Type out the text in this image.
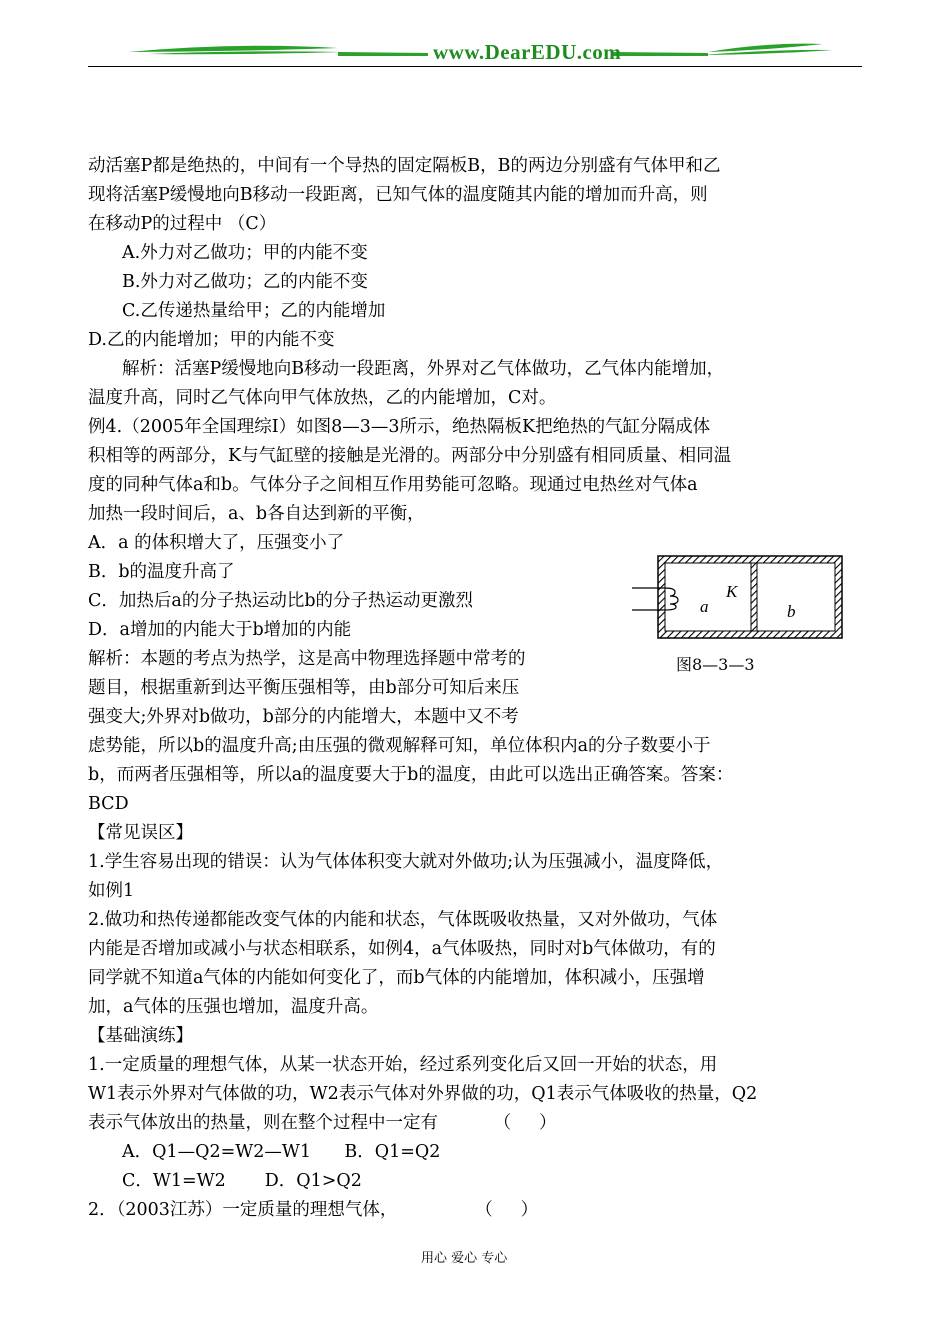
www.DearEDU.com
动活塞P都是绝热的，中间有一个导热的固定隔板B，B的两边分别盛有气体甲和乙
现将活塞P缓慢地向B移动一段距离，已知气体的温度随其内能的增加而升高，则
在移动P的过程中 （C）
A.外力对乙做功；甲的内能不变
B.外力对乙做功；乙的内能不变
C.乙传递热量给甲；乙的内能增加
D.乙的内能增加；甲的内能不变
解析：活塞P缓慢地向B移动一段距离，外界对乙气体做功，乙气体内能增加，
温度升高，同时乙气体向甲气体放热，乙的内能增加，C对。
例4.（2005年全国理综Ⅰ）如图8—3—3所示，绝热隔板K把绝热的气缸分隔成体
积相等的两部分，K与气缸壁的接触是光滑的。两部分中分别盛有相同质量、相同温
度的同种气体a和b。气体分子之间相互作用势能可忽略。现通过电热丝对气体a
加热一段时间后，a、b各自达到新的平衡，
A．a 的体积增大了，压强变小了
B．b的温度升高了
C．加热后a的分子热运动比b的分子热运动更激烈
D．a增加的内能大于b增加的内能
解析：本题的考点为热学，这是高中物理选择题中常考的
题目，根据重新到达平衡压强相等，由b部分可知后来压
强变大;外界对b做功，b部分的内能增大，本题中又不考
虑势能，所以b的温度升高;由压强的微观解释可知，单位体积内a的分子数要小于
b，而两者压强相等，所以a的温度要大于b的温度，由此可以选出正确答案。答案：
BCD
【常见误区】
1.学生容易出现的错误：认为气体体积变大就对外做功;认为压强减小，温度降低，
如例1
2.做功和热传递都能改变气体的内能和状态，气体既吸收热量，又对外做功，气体
内能是否增加或减小与状态相联系，如例4，a气体吸热，同时对b气体做功，有的
同学就不知道a气体的内能如何变化了，而b气体的内能增加，体积减小，压强增
加，a气体的压强也增加，温度升高。
【基础演练】
1.一定质量的理想气体，从某一状态开始，经过系列变化后又回一开始的状态，用
W1表示外界对气体做的功，W2表示气体对外界做的功，Q1表示气体吸收的热量，Q2
表示气体放出的热量，则在整个过程中一定有          （     ）
A．Q1—Q2=W2—W1      B．Q1=Q2
C．W1=W2       D．Q1>Q2
2．（2003江苏）一定质量的理想气体，              （     ）
K
a	b
图8—3—3
用心 爱心 专心
